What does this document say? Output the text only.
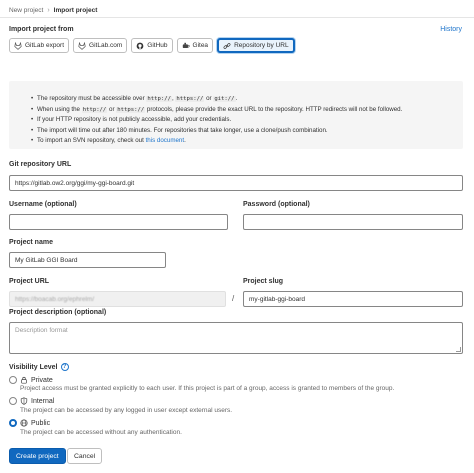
New project › Import project
Import project from	History
GitLab export	GitLab.com	GitHub	Gitea	Repository by URL
• The repository must be accessible over http://, https:// or git://.
• When using the http:// or https:// protocols, please provide the exact URL to the repository. HTTP redirects will not be followed.
• If your HTTP repository is not publicly accessible, add your credentials.
• The import will time out after 180 minutes. For repositories that take longer, use a clone/push combination.
• To import an SVN repository, check out this document.
Git repository URL
https://gitlab.ow2.org/ggi/my-ggi-board.git
Username (optional)	Password (optional)
Project name
My GitLab GGI Board
Project URL
https://boacab.org/ephrelm/	/
Project slug
my-gitlab-ggi-board
Project description (optional)
Description format
Visibility Level ?
Private
Project access must be granted explicitly to each user. If this project is part of a group, access is granted to members of the group.
Internal
The project can be accessed by any logged in user except external users.
Public
The project can be accessed without any authentication.
Create project	Cancel
